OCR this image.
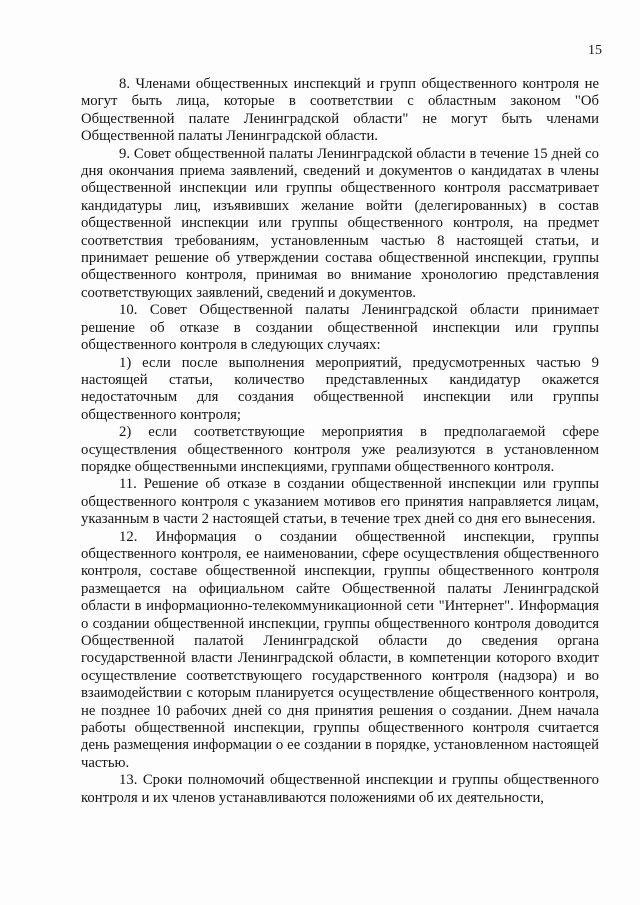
15

8. Членами общественных инспекций и групп общественного контроля не могут быть лица, которые в соответствии с областным законом "Об Общественной палате Ленинградской области" не могут быть членами Общественной палаты Ленинградской области.

9. Совет общественной палаты Ленинградской области в течение 15 дней со дня окончания приема заявлений, сведений и документов о кандидатах в члены общественной инспекции или группы общественного контроля рассматривает кандидатуры лиц, изъявивших желание войти (делегированных) в состав общественной инспекции или группы общественного контроля, на предмет соответствия требованиям, установленным частью 8 настоящей статьи, и принимает решение об утверждении состава общественной инспекции, группы общественного контроля, принимая во внимание хронологию представления соответствующих заявлений, сведений и документов.

10. Совет Общественной палаты Ленинградской области принимает решение об отказе в создании общественной инспекции или группы общественного контроля в следующих случаях:

1) если после выполнения мероприятий, предусмотренных частью 9 настоящей статьи, количество представленных кандидатур окажется недостаточным для создания общественной инспекции или группы общественного контроля;

2) если соответствующие мероприятия в предполагаемой сфере осуществления общественного контроля уже реализуются в установленном порядке общественными инспекциями, группами общественного контроля.

11. Решение об отказе в создании общественной инспекции или группы общественного контроля с указанием мотивов его принятия направляется лицам, указанным в части 2 настоящей статьи, в течение трех дней со дня его вынесения.

12. Информация о создании общественной инспекции, группы общественного контроля, ее наименовании, сфере осуществления общественного контроля, составе общественной инспекции, группы общественного контроля размещается на официальном сайте Общественной палаты Ленинградской области в информационно-телекоммуникационной сети "Интернет". Информация о создании общественной инспекции, группы общественного контроля доводится Общественной палатой Ленинградской области до сведения органа государственной власти Ленинградской области, в компетенции которого входит осуществление соответствующего государственного контроля (надзора) и во взаимодействии с которым планируется осуществление общественного контроля, не позднее 10 рабочих дней со дня принятия решения о создании. Днем начала работы общественной инспекции, группы общественного контроля считается день размещения информации о ее создании в порядке, установленном настоящей частью.

13. Сроки полномочий общественной инспекции и группы общественного контроля и их членов устанавливаются положениями об их деятельности,
